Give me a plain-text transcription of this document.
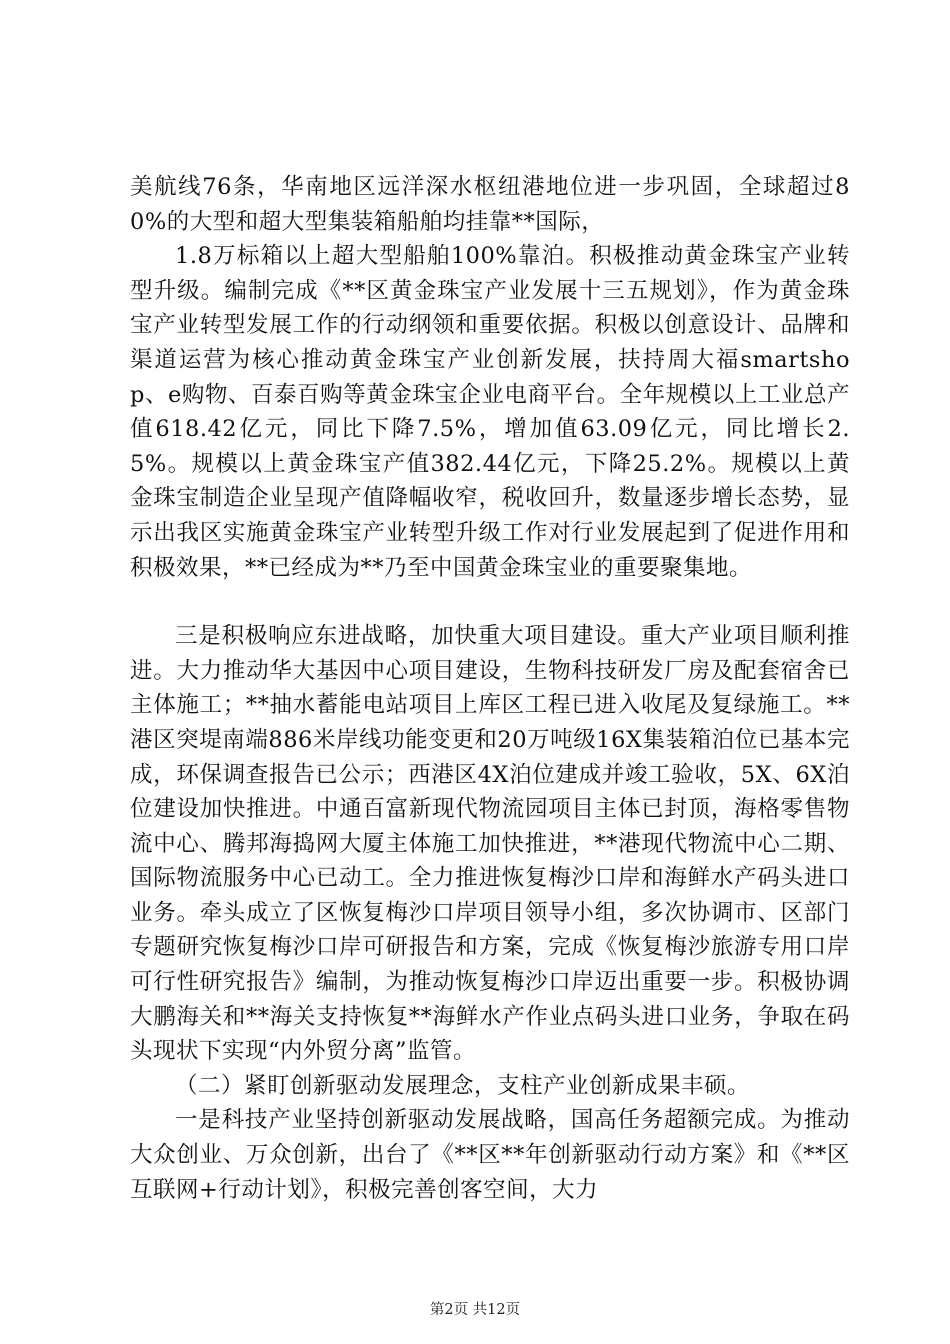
美航线76条，华南地区远洋深水枢纽港地位进一步巩固，全球超过80%的大型和超大型集装箱船舶均挂靠**国际，

1.8万标箱以上超大型船舶100%靠泊。积极推动黄金珠宝产业转型升级。编制完成《**区黄金珠宝产业发展十三五规划》，作为黄金珠宝产业转型发展工作的行动纲领和重要依据。积极以创意设计、品牌和渠道运营为核心推动黄金珠宝产业创新发展，扶持周大福smartshop、e购物、百泰百购等黄金珠宝企业电商平台。全年规模以上工业总产值618.42亿元，同比下降7.5%，增加值63.09亿元，同比增长2.5%。规模以上黄金珠宝产值382.44亿元，下降25.2%。规模以上黄金珠宝制造企业呈现产值降幅收窄，税收回升，数量逐步增长态势，显示出我区实施黄金珠宝产业转型升级工作对行业发展起到了促进作用和积极效果，**已经成为**乃至中国黄金珠宝业的重要聚集地。

三是积极响应东进战略，加快重大项目建设。重大产业项目顺利推进。大力推动华大基因中心项目建设，生物科技研发厂房及配套宿舍已主体施工；**抽水蓄能电站项目上库区工程已进入收尾及复绿施工。**港区突堤南端886米岸线功能变更和20万吨级16X集装箱泊位已基本完成，环保调查报告已公示；西港区4X泊位建成并竣工验收，5X、6X泊位建设加快推进。中通百富新现代物流园项目主体已封顶，海格零售物流中心、腾邦海捣网大厦主体施工加快推进，**港现代物流中心二期、国际物流服务中心已动工。全力推进恢复梅沙口岸和海鲜水产码头进口业务。牵头成立了区恢复梅沙口岸项目领导小组，多次协调市、区部门专题研究恢复梅沙口岸可研报告和方案，完成《恢复梅沙旅游专用口岸可行性研究报告》编制，为推动恢复梅沙口岸迈出重要一步。积极协调大鹏海关和**海关支持恢复**海鲜水产作业点码头进口业务，争取在码头现状下实现“内外贸分离”监管。

（二）紧盯创新驱动发展理念，支柱产业创新成果丰硕。

一是科技产业坚持创新驱动发展战略，国高任务超额完成。为推动大众创业、万众创新，出台了《**区**年创新驱动行动方案》和《**区互联网+行动计划》，积极完善创客空间，大力

第2页 共12页
